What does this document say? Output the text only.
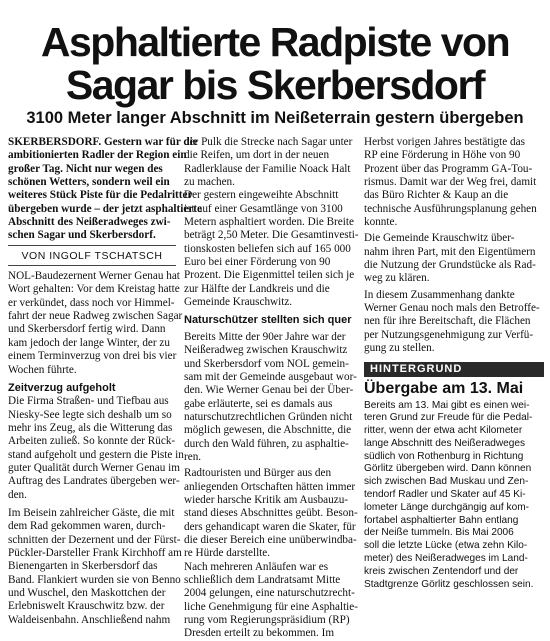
Asphaltierte Radpiste von
Sagar bis Skerbersdorf
3100 Meter langer Abschnitt im Neißeterrain gestern übergeben
SKERBERSDORF. Gestern war für die
ambitionierten Radler der Region ein
großer Tag. Nicht nur wegen des
schönen Wetters, sondern weil ein
weiteres Stück Piste für die Pedalritter
übergeben wurde – der jetzt asphaltierte
Abschnitt des Neißeradweges zwi-
schen Sagar und Skerbersdorf.
VON INGOLF TSCHATSCH
NOL-Baudezernent Werner Genau hat
Wort gehalten: Vor dem Kreistag hatte
er verkündet, dass noch vor Himmel-
fahrt der neue Radweg zwischen Sagar
und Skerbersdorf fertig wird. Dann
kam jedoch der lange Winter, der zu
einem Terminverzug von drei bis vier
Wochen führte.
Zeitverzug aufgeholt
Die Firma Straßen- und Tiefbau aus
Niesky-See legte sich deshalb um so
mehr ins Zeug, als die Witterung das
Arbeiten zuließ. So konnte der Rück-
stand aufgeholt und gestern die Piste in
guter Qualität durch Werner Genau im
Auftrag des Landrates übergeben wer-
den.
Im Beisein zahlreicher Gäste, die mit
dem Rad gekommen waren, durch-
schnitten der Dezernent und der Fürst-
Pückler-Darsteller Frank Kirchhoff am
Bienengarten in Skerbersdorf das
Band. Flankiert wurden sie von Benno
und Wuschel, den Maskottchen der
Erlebniswelt Krauschwitz bzw. der
Waldeisenbahn. Anschließend nahm
der Pulk die Strecke nach Sagar unter
die Reifen, um dort in der neuen
Radlerklause der Familie Noack Halt
zu machen.
Der gestern eingeweihte Abschnitt
ist auf einer Gesamtlänge von 3100
Metern asphaltiert worden. Die Breite
beträgt 2,50 Meter. Die Gesamtinvesti-
tionskosten beliefen sich auf 165 000
Euro bei einer Förderung von 90
Prozent. Die Eigenmittel teilen sich je
zur Hälfte der Landkreis und die
Gemeinde Krauschwitz.
Naturschützer stellten sich quer
Bereits Mitte der 90er Jahre war der
Neißeradweg zwischen Krauschwitz
und Skerbersdorf vom NOL gemein-
sam mit der Gemeinde ausgebaut wor-
den. Wie Werner Genau bei der Über-
gabe erläuterte, sei es damals aus
naturschutzrechtlichen Gründen nicht
möglich gewesen, die Abschnitte, die
durch den Wald führen, zu asphaltie-
ren.
Radtouristen und Bürger aus den
anliegenden Ortschaften hätten immer
wieder harsche Kritik am Ausbauzu-
stand dieses Abschnittes geübt. Beson-
ders gehandicapt waren die Skater, für
die dieser Bereich eine unüberwindba-
re Hürde darstellte.
Nach mehreren Anläufen war es
schließlich dem Landratsamt Mitte
2004 gelungen, eine naturschutzrecht-
liche Genehmigung für eine Asphaltie-
rung vom Regierungspräsidium (RP)
Dresden erteilt zu bekommen. Im
Herbst vorigen Jahres bestätigte das
RP eine Förderung in Höhe von 90
Prozent über das Programm GA-Tou-
rismus. Damit war der Weg frei, damit
das Büro Richter & Kaup an die
technische Ausführungsplanung gehen
konnte.
Die Gemeinde Krauschwitz über-
nahm ihren Part, mit den Eigentümern
die Nutzung der Grundstücke als Rad-
weg zu klären.
In diesem Zusammenhang dankte
Werner Genau noch mals den Betroffe-
nen für ihre Bereitschaft, die Flächen
per Nutzungsgenehmigung zur Verfü-
gung zu stellen.
HINTERGRUND
Übergabe am 13. Mai
Bereits am 13. Mai gibt es einen wei-
teren Grund zur Freude für die Pedal-
ritter, wenn der etwa acht Kilometer
lange Abschnitt des Neißeradweges
südlich von Rothenburg in Richtung
Görlitz übergeben wird. Dann können
sich zwischen Bad Muskau und Zen-
tendorf Radler und Skater auf 45 Ki-
lometer Länge durchgängig auf kom-
fortabel asphaltierter Bahn entlang
der Neiße tummeln. Bis Mai 2006
soll die letzte Lücke (etwa zehn Kilo-
meter) des Neißeradweges im Land-
kreis zwischen Zentendorf und der
Stadtgrenze Görlitz geschlossen sein.
